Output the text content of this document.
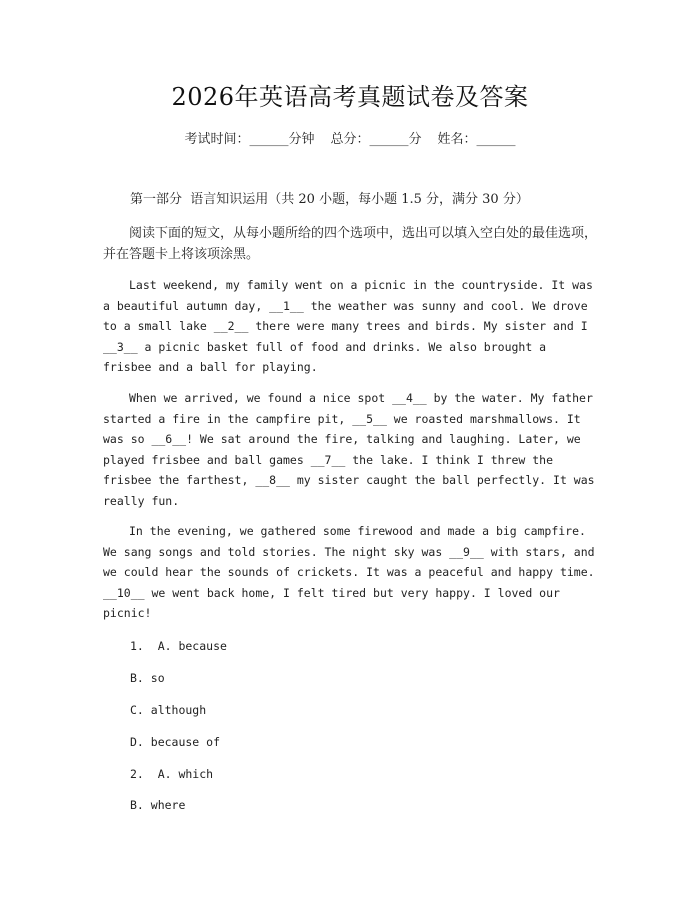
2026年英语高考真题试卷及答案
考试时间：______分钟 总分：______分 姓名：______
第一部分  语言知识运用（共 20 小题，每小题 1.5 分，满分 30 分）
阅读下面的短文，从每小题所给的四个选项中，选出可以填入空白处的最佳选项，并在答题卡上将该项涂黑。
Last weekend, my family went on a picnic in the countryside. It was a beautiful autumn day, __1__ the weather was sunny and cool. We drove to a small lake __2__ there were many trees and birds. My sister and I __3__ a picnic basket full of food and drinks. We also brought a frisbee and a ball for playing.
When we arrived, we found a nice spot __4__ by the water. My father started a fire in the campfire pit, __5__ we roasted marshmallows. It was so __6__! We sat around the fire, talking and laughing. Later, we played frisbee and ball games __7__ the lake. I think I threw the frisbee the farthest, __8__ my sister caught the ball perfectly. It was really fun.
In the evening, we gathered some firewood and made a big campfire. We sang songs and told stories. The night sky was __9__ with stars, and we could hear the sounds of crickets. It was a peaceful and happy time. __10__ we went back home, I felt tired but very happy. I loved our picnic!
1.  A. because
B. so
C. although
D. because of
2.  A. which
B. where
